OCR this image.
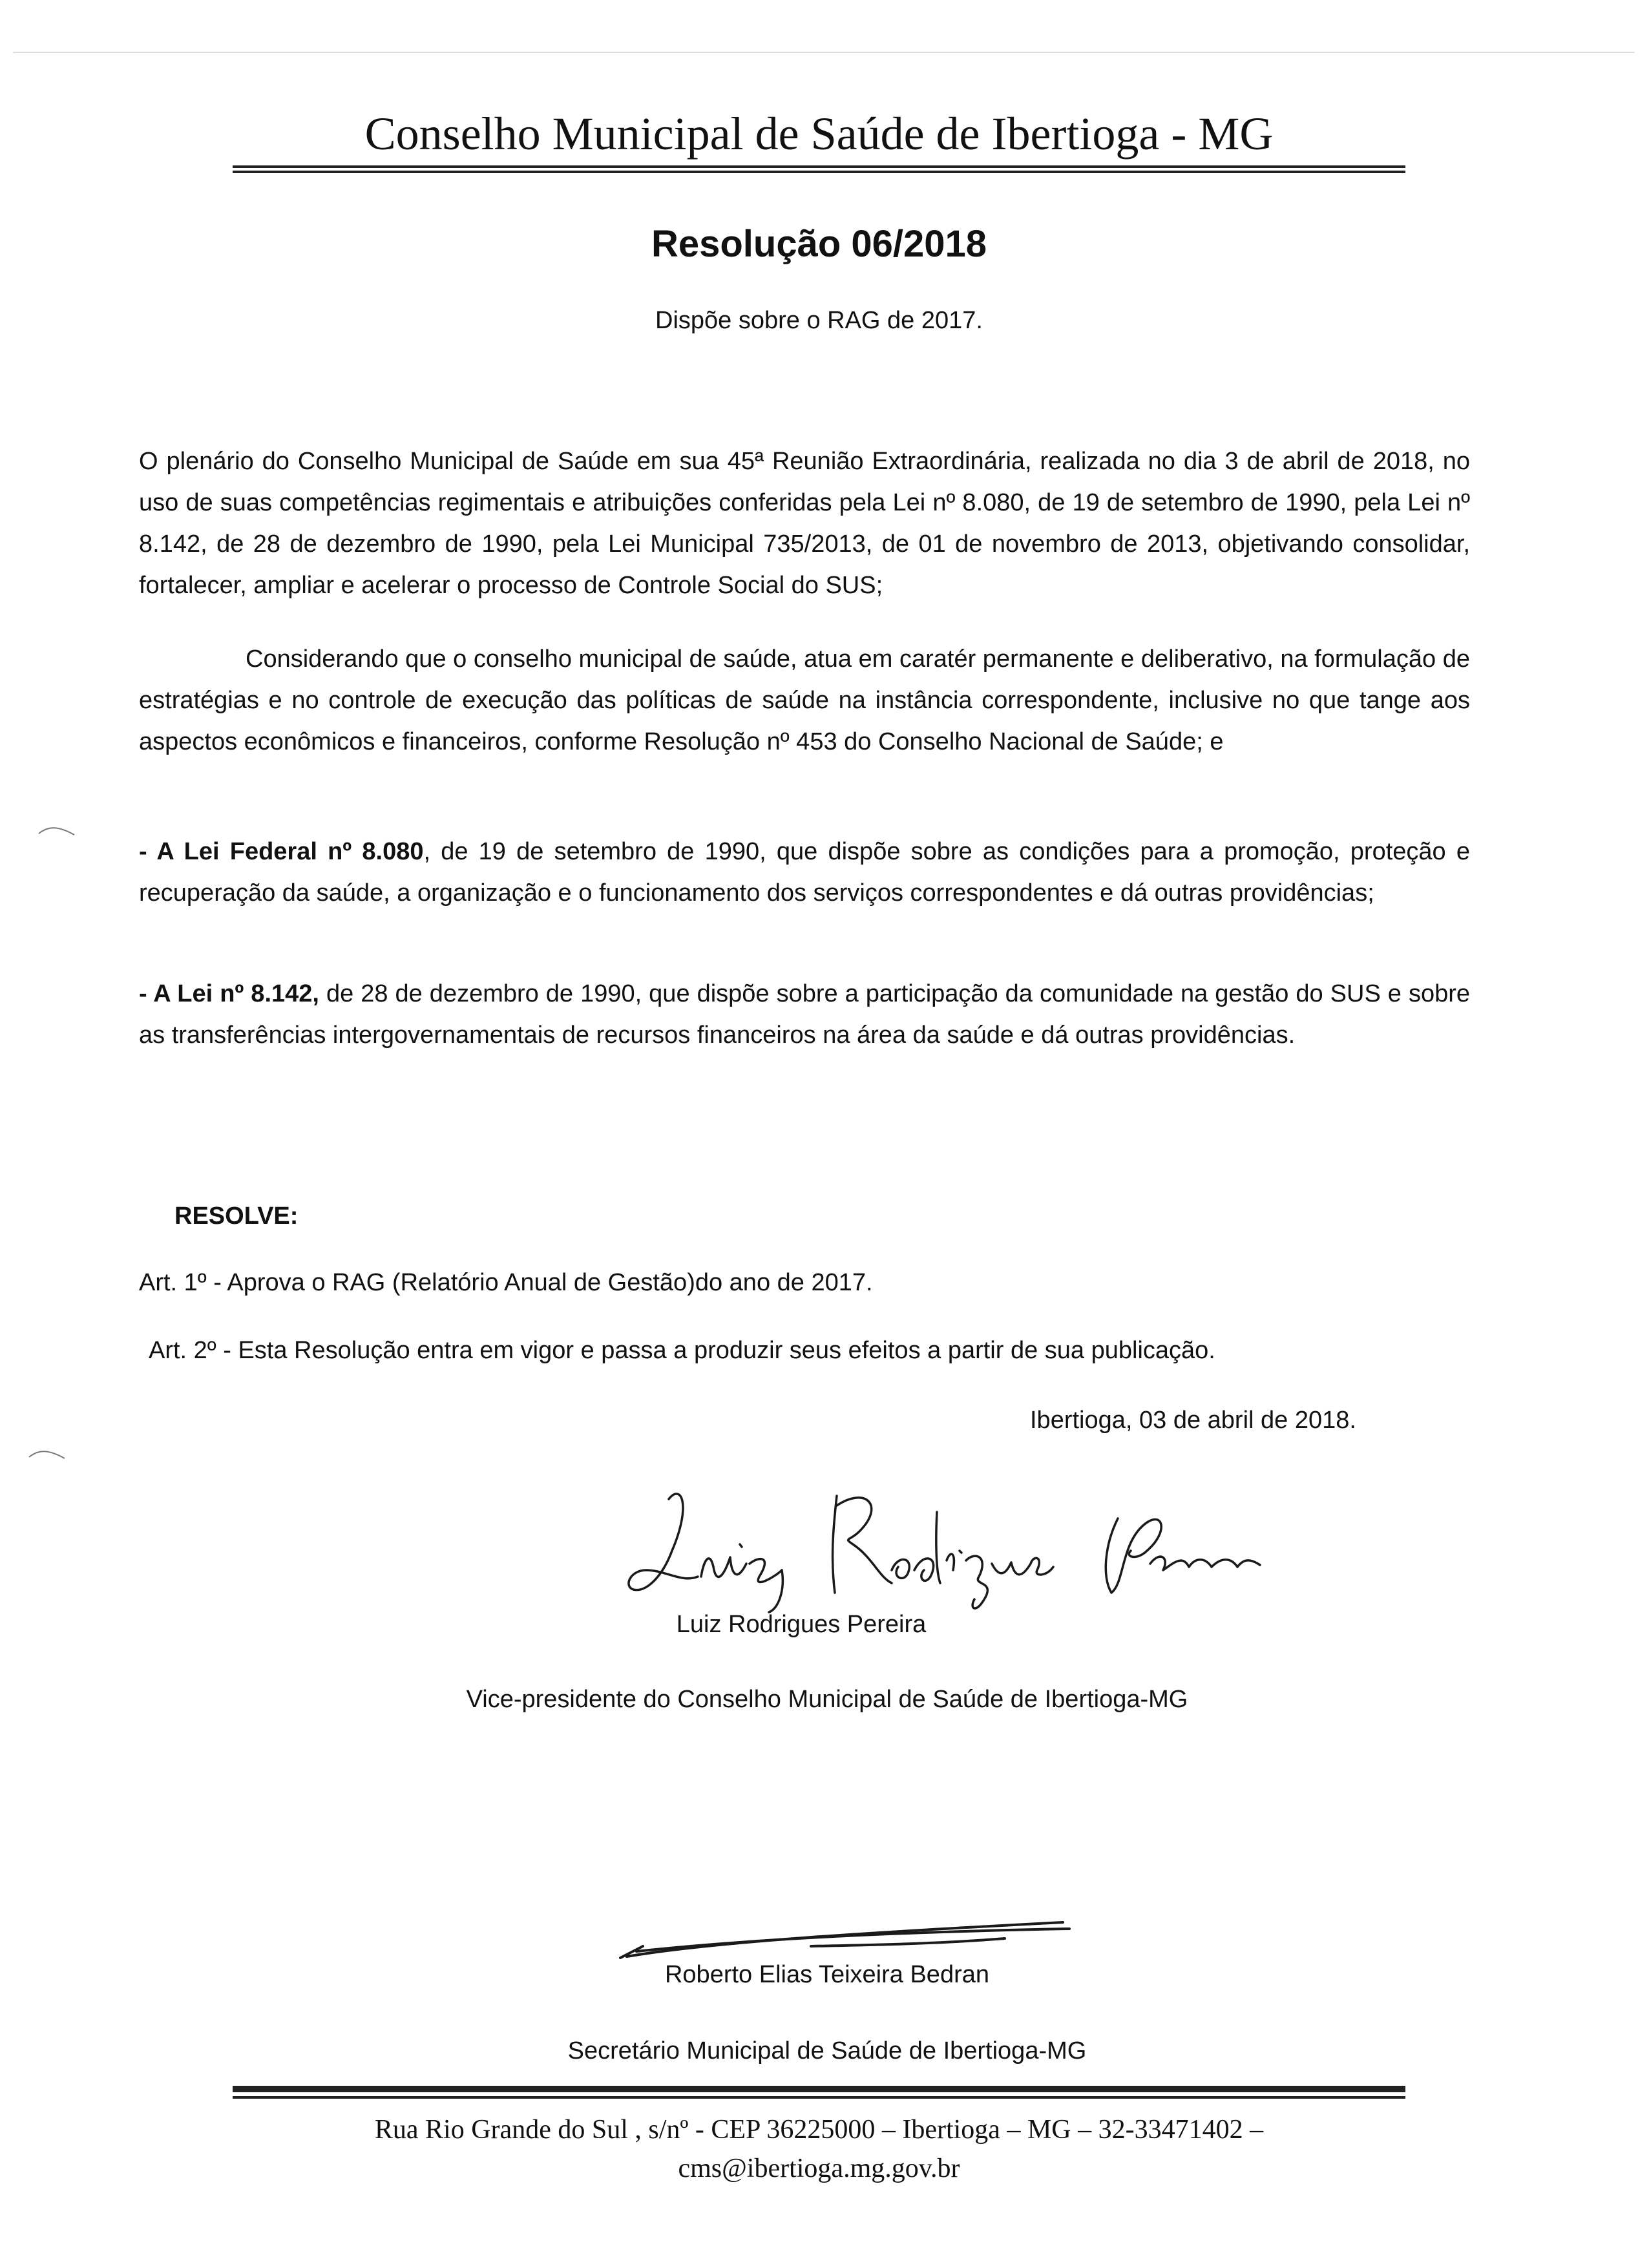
Conselho Municipal de Saúde de Ibertioga - MG
Resolução 06/2018
Dispõe sobre o RAG de 2017.
O plenário do Conselho Municipal de Saúde em sua 45ª Reunião Extraordinária, realizada no dia 3 de abril de 2018, no uso de suas competências regimentais e atribuições conferidas pela Lei nº 8.080, de 19 de setembro de 1990, pela Lei nº 8.142, de 28 de dezembro de 1990, pela Lei Municipal 735/2013, de 01 de novembro de 2013, objetivando consolidar, fortalecer, ampliar e acelerar o processo de Controle Social do SUS;
Considerando que o conselho municipal de saúde, atua em caratér permanente e deliberativo, na formulação de estratégias e no controle de execução das políticas de saúde na instância correspondente, inclusive no que tange aos aspectos econômicos e financeiros, conforme Resolução nº 453 do Conselho Nacional de Saúde; e
- A Lei Federal nº 8.080, de 19 de setembro de 1990, que dispõe sobre as condições para a promoção, proteção e recuperação da saúde, a organização e o funcionamento dos serviços correspondentes e dá outras providências;
- A Lei nº 8.142, de 28 de dezembro de 1990, que dispõe sobre a participação da comunidade na gestão do SUS e sobre as transferências intergovernamentais de recursos financeiros na área da saúde e dá outras providências.
RESOLVE:
Art. 1º - Aprova o RAG (Relatório Anual de Gestão)do ano de 2017.
Art. 2º - Esta Resolução entra em vigor e passa a produzir seus efeitos a partir de sua publicação.
Ibertioga, 03 de abril de 2018.
Luiz Rodrigues Pereira
Vice-presidente do Conselho Municipal de Saúde de Ibertioga-MG
Roberto Elias Teixeira Bedran
Secretário Municipal de Saúde de Ibertioga-MG
Rua Rio Grande do Sul , s/nº - CEP 36225000 – Ibertioga – MG – 32-33471402 –
cms@ibertioga.mg.gov.br
